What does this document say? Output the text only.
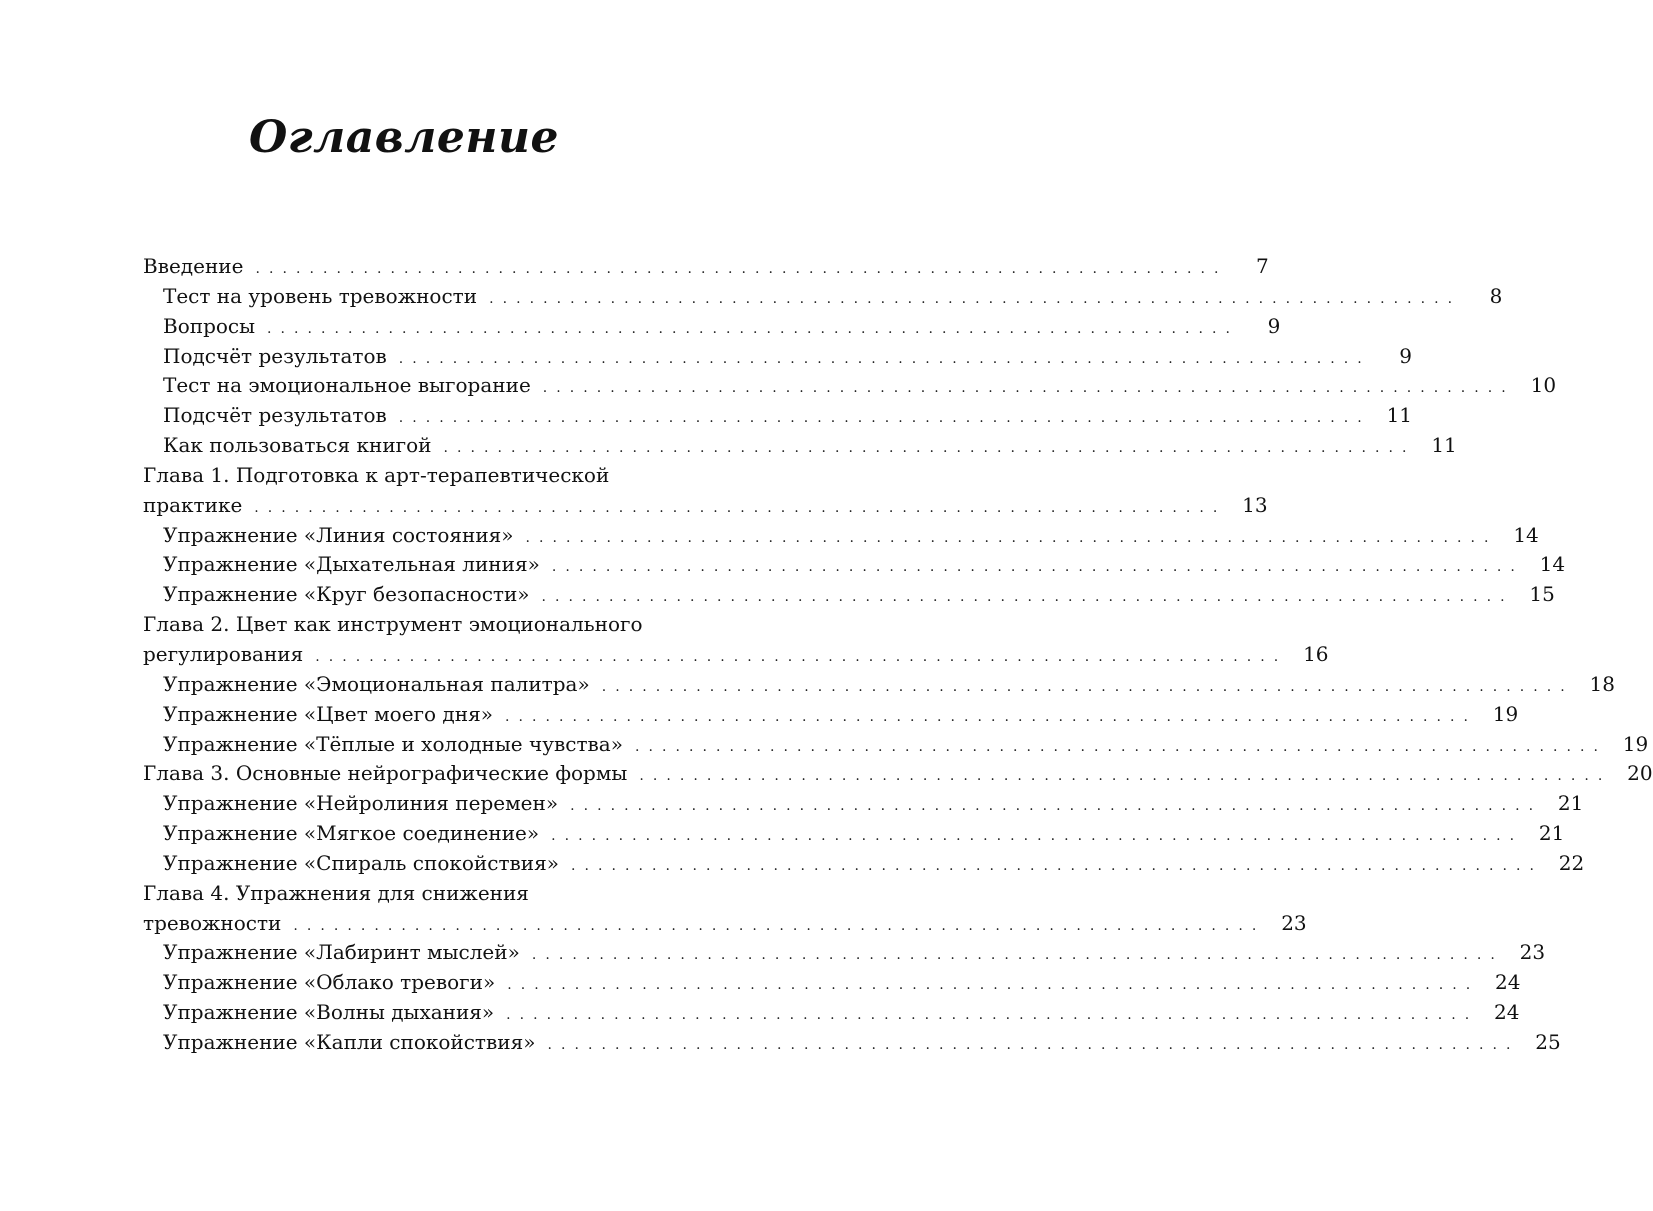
Оглавление
Введение . . . . . . . . . . . . . . . . . . . . . . . . . . . . . . . . . . . . . . . . . . . . . . . . . . . . . . . . . . . . . . . . . . . . . . . .	7
Тест на уровень тревожности . . . . . . . . . . . . . . . . . . . . . . . . . . . . . . . . . . . . . . . . . . . . . . . . . . . . . . . . . . . . . . . . . . . . . . . .	8
Вопросы . . . . . . . . . . . . . . . . . . . . . . . . . . . . . . . . . . . . . . . . . . . . . . . . . . . . . . . . . . . . . . . . . . . . . . . .	9
Подсчёт результатов . . . . . . . . . . . . . . . . . . . . . . . . . . . . . . . . . . . . . . . . . . . . . . . . . . . . . . . . . . . . . . . . . . . . . . . .	9
Тест на эмоциональное выгорание . . . . . . . . . . . . . . . . . . . . . . . . . . . . . . . . . . . . . . . . . . . . . . . . . . . . . . . . . . . . . . . . . . . . . . . .	10
Подсчёт результатов . . . . . . . . . . . . . . . . . . . . . . . . . . . . . . . . . . . . . . . . . . . . . . . . . . . . . . . . . . . . . . . . . . . . . . . .	11
Как пользоваться книгой . . . . . . . . . . . . . . . . . . . . . . . . . . . . . . . . . . . . . . . . . . . . . . . . . . . . . . . . . . . . . . . . . . . . . . . .	11
Глава 1. Подготовка к арт-терапевтической
практике . . . . . . . . . . . . . . . . . . . . . . . . . . . . . . . . . . . . . . . . . . . . . . . . . . . . . . . . . . . . . . . . . . . . . . . .	13
Упражнение «Линия состояния» . . . . . . . . . . . . . . . . . . . . . . . . . . . . . . . . . . . . . . . . . . . . . . . . . . . . . . . . . . . . . . . . . . . . . . . .	14
Упражнение «Дыхательная линия» . . . . . . . . . . . . . . . . . . . . . . . . . . . . . . . . . . . . . . . . . . . . . . . . . . . . . . . . . . . . . . . . . . . . . . . .	14
Упражнение «Круг безопасности» . . . . . . . . . . . . . . . . . . . . . . . . . . . . . . . . . . . . . . . . . . . . . . . . . . . . . . . . . . . . . . . . . . . . . . . .	15
Глава 2. Цвет как инструмент эмоционального
регулирования . . . . . . . . . . . . . . . . . . . . . . . . . . . . . . . . . . . . . . . . . . . . . . . . . . . . . . . . . . . . . . . . . . . . . . . .	16
Упражнение «Эмоциональная палитра» . . . . . . . . . . . . . . . . . . . . . . . . . . . . . . . . . . . . . . . . . . . . . . . . . . . . . . . . . . . . . . . . . . . . . . . .	18
Упражнение «Цвет моего дня» . . . . . . . . . . . . . . . . . . . . . . . . . . . . . . . . . . . . . . . . . . . . . . . . . . . . . . . . . . . . . . . . . . . . . . . .	19
Упражнение «Тёплые и холодные чувства» . . . . . . . . . . . . . . . . . . . . . . . . . . . . . . . . . . . . . . . . . . . . . . . . . . . . . . . . . . . . . . . . . . . . . . . .	19
Глава 3. Основные нейрографические формы . . . . . . . . . . . . . . . . . . . . . . . . . . . . . . . . . . . . . . . . . . . . . . . . . . . . . . . . . . . . . . . . . . . . . . . .	20
Упражнение «Нейролиния перемен» . . . . . . . . . . . . . . . . . . . . . . . . . . . . . . . . . . . . . . . . . . . . . . . . . . . . . . . . . . . . . . . . . . . . . . . .	21
Упражнение «Мягкое соединение» . . . . . . . . . . . . . . . . . . . . . . . . . . . . . . . . . . . . . . . . . . . . . . . . . . . . . . . . . . . . . . . . . . . . . . . .	21
Упражнение «Спираль спокойствия» . . . . . . . . . . . . . . . . . . . . . . . . . . . . . . . . . . . . . . . . . . . . . . . . . . . . . . . . . . . . . . . . . . . . . . . .	22
Глава 4. Упражнения для снижения
тревожности . . . . . . . . . . . . . . . . . . . . . . . . . . . . . . . . . . . . . . . . . . . . . . . . . . . . . . . . . . . . . . . . . . . . . . . .	23
Упражнение «Лабиринт мыслей» . . . . . . . . . . . . . . . . . . . . . . . . . . . . . . . . . . . . . . . . . . . . . . . . . . . . . . . . . . . . . . . . . . . . . . . .	23
Упражнение «Облако тревоги» . . . . . . . . . . . . . . . . . . . . . . . . . . . . . . . . . . . . . . . . . . . . . . . . . . . . . . . . . . . . . . . . . . . . . . . .	24
Упражнение «Волны дыхания» . . . . . . . . . . . . . . . . . . . . . . . . . . . . . . . . . . . . . . . . . . . . . . . . . . . . . . . . . . . . . . . . . . . . . . . .	24
Упражнение «Капли спокойствия» . . . . . . . . . . . . . . . . . . . . . . . . . . . . . . . . . . . . . . . . . . . . . . . . . . . . . . . . . . . . . . . . . . . . . . . .	25
